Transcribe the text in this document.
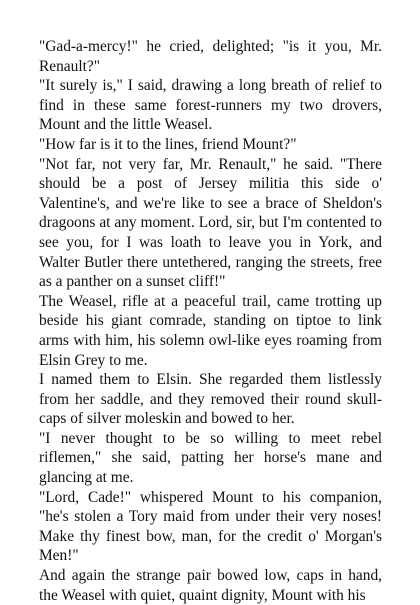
"Gad-a-mercy!" he cried, delighted; "is it you, Mr. Renault?"

"It surely is," I said, drawing a long breath of relief to find in these same forest-runners my two drovers, Mount and the little Weasel.

"How far is it to the lines, friend Mount?"

"Not far, not very far, Mr. Renault," he said. "There should be a post of Jersey militia this side o' Valentine's, and we're like to see a brace of Sheldon's dragoons at any moment. Lord, sir, but I'm contented to see you, for I was loath to leave you in York, and Walter Butler there untethered, ranging the streets, free as a panther on a sunset cliff!"

The Weasel, rifle at a peaceful trail, came trotting up beside his giant comrade, standing on tiptoe to link arms with him, his solemn owl-like eyes roaming from Elsin Grey to me.

I named them to Elsin. She regarded them listlessly from her saddle, and they removed their round skull-caps of silver moleskin and bowed to her.

"I never thought to be so willing to meet rebel riflemen," she said, patting her horse's mane and glancing at me.

"Lord, Cade!" whispered Mount to his companion, "he's stolen a Tory maid from under their very noses! Make thy finest bow, man, for the credit o' Morgan's Men!"

And again the strange pair bowed low, caps in hand, the Weasel with quiet, quaint dignity, Mount with his
